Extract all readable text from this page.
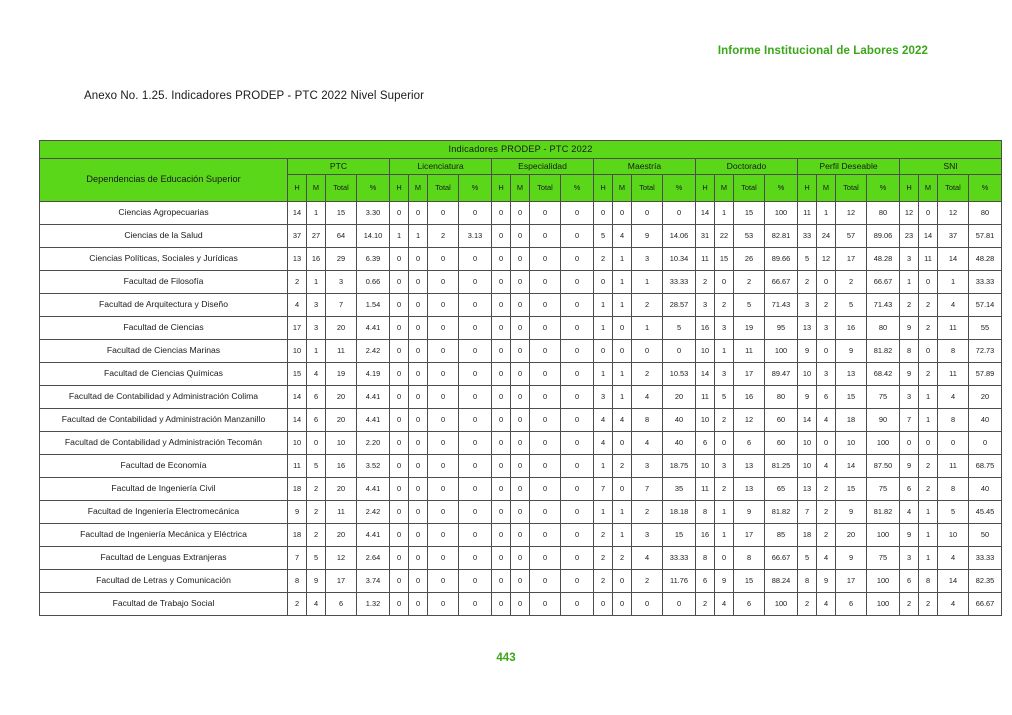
Informe Institucional de Labores 2022
Anexo No. 1.25. Indicadores PRODEP - PTC 2022 Nivel Superior
Indicadores PRODEP - PTC 2022																												
Dependencias de Educación Superior	PTC				Licenciatura				Especialidad				Maestría				Doctorado				Perfil Deseable				SNI			
	H	M	Total	%	H	M	Total	%	H	M	Total	%	H	M	Total	%	H	M	Total	%	H	M	Total	%	H	M	Total	%
Ciencias Agropecuarias	14	1	15	3.30	0	0	0	0	0	0	0	0	0	0	0	0	14	1	15	100	11	1	12	80	12	0	12	80
Ciencias de la Salud	37	27	64	14.10	1	1	2	3.13	0	0	0	0	5	4	9	14.06	31	22	53	82.81	33	24	57	89.06	23	14	37	57.81
Ciencias Políticas, Sociales y Jurídicas	13	16	29	6.39	0	0	0	0	0	0	0	0	2	1	3	10.34	11	15	26	89.66	5	12	17	48.28	3	11	14	48.28
Facultad de Filosofía	2	1	3	0.66	0	0	0	0	0	0	0	0	0	1	1	33.33	2	0	2	66.67	2	0	2	66.67	1	0	1	33.33
Facultad de Arquitectura y Diseño	4	3	7	1.54	0	0	0	0	0	0	0	0	1	1	2	28.57	3	2	5	71.43	3	2	5	71.43	2	2	4	57.14
Facultad de Ciencias	17	3	20	4.41	0	0	0	0	0	0	0	0	1	0	1	5	16	3	19	95	13	3	16	80	9	2	11	55
Facultad de Ciencias Marinas	10	1	11	2.42	0	0	0	0	0	0	0	0	0	0	0	0	10	1	11	100	9	0	9	81.82	8	0	8	72.73
Facultad de Ciencias Químicas	15	4	19	4.19	0	0	0	0	0	0	0	0	1	1	2	10.53	14	3	17	89.47	10	3	13	68.42	9	2	11	57.89
Facultad de Contabilidad y Administración Colima	14	6	20	4.41	0	0	0	0	0	0	0	0	3	1	4	20	11	5	16	80	9	6	15	75	3	1	4	20
Facultad de Contabilidad y Administración Manzanillo	14	6	20	4.41	0	0	0	0	0	0	0	0	4	4	8	40	10	2	12	60	14	4	18	90	7	1	8	40
Facultad de Contabilidad y Administración Tecomán	10	0	10	2.20	0	0	0	0	0	0	0	0	4	0	4	40	6	0	6	60	10	0	10	100	0	0	0	0
Facultad de Economía	11	5	16	3.52	0	0	0	0	0	0	0	0	1	2	3	18.75	10	3	13	81.25	10	4	14	87.50	9	2	11	68.75
Facultad de Ingeniería Civil	18	2	20	4.41	0	0	0	0	0	0	0	0	7	0	7	35	11	2	13	65	13	2	15	75	6	2	8	40
Facultad de Ingeniería Electromecánica	9	2	11	2.42	0	0	0	0	0	0	0	0	1	1	2	18.18	8	1	9	81.82	7	2	9	81.82	4	1	5	45.45
Facultad de Ingeniería Mecánica y Eléctrica	18	2	20	4.41	0	0	0	0	0	0	0	0	2	1	3	15	16	1	17	85	18	2	20	100	9	1	10	50
Facultad de Lenguas Extranjeras	7	5	12	2.64	0	0	0	0	0	0	0	0	2	2	4	33.33	8	0	8	66.67	5	4	9	75	3	1	4	33.33
Facultad de Letras y Comunicación	8	9	17	3.74	0	0	0	0	0	0	0	0	2	0	2	11.76	6	9	15	88.24	8	9	17	100	6	8	14	82.35
Facultad de Trabajo Social	2	4	6	1.32	0	0	0	0	0	0	0	0	0	0	0	0	2	4	6	100	2	4	6	100	2	2	4	66.67
443
